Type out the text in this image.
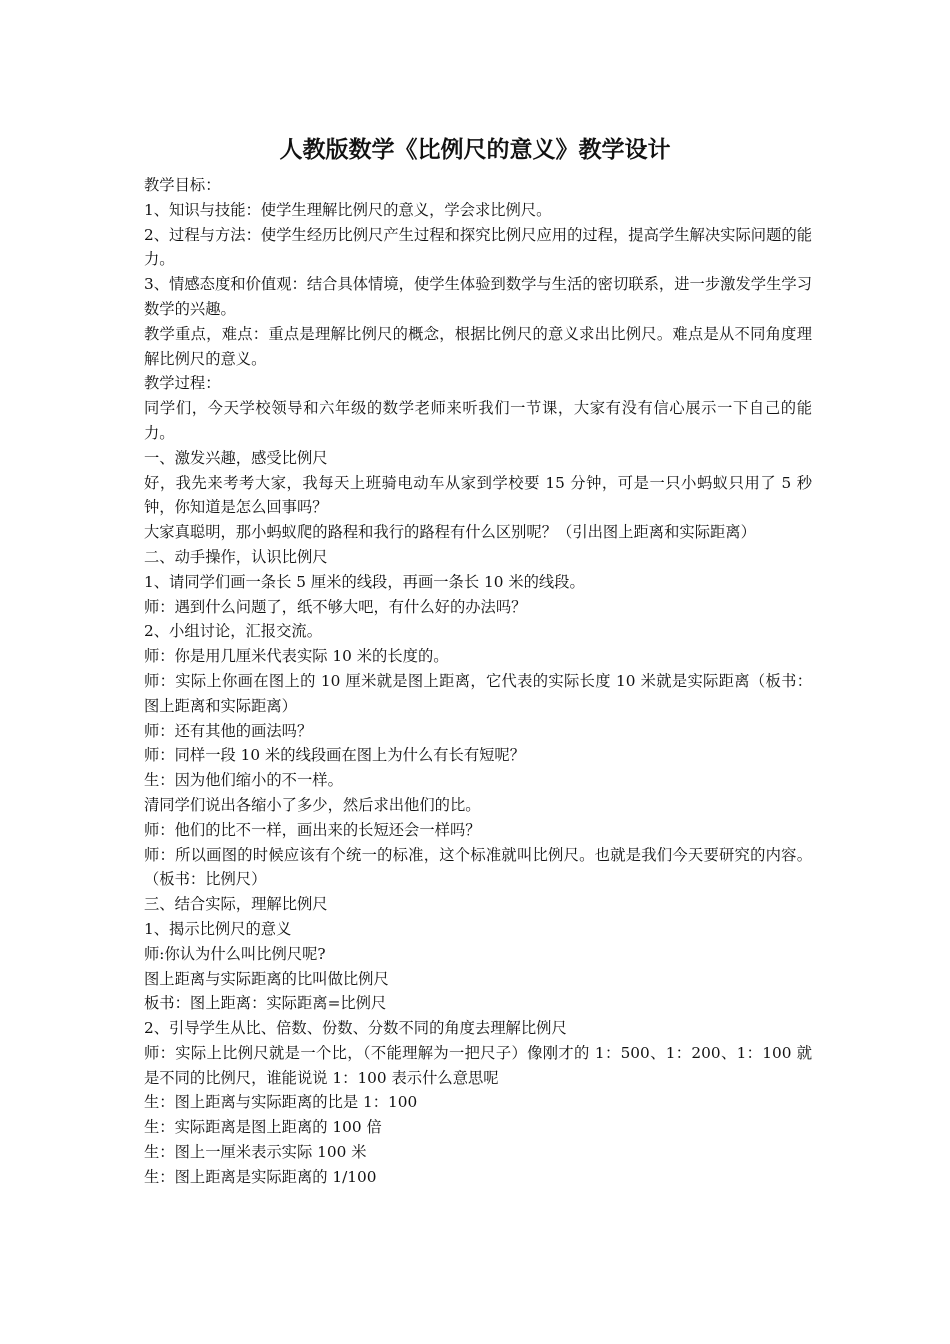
人教版数学《比例尺的意义》教学设计

教学目标：

1、知识与技能：使学生理解比例尺的意义，学会求比例尺。

2、过程与方法：使学生经历比例尺产生过程和探究比例尺应用的过程，提高学生解决实际问题的能力。

3、情感态度和价值观：结合具体情境，使学生体验到数学与生活的密切联系，进一步激发学生学习数学的兴趣。

教学重点，难点：重点是理解比例尺的概念，根据比例尺的意义求出比例尺。难点是从不同角度理解比例尺的意义。

教学过程：

同学们，今天学校领导和六年级的数学老师来听我们一节课，大家有没有信心展示一下自己的能力。

一、激发兴趣，感受比例尺

好，我先来考考大家，我每天上班骑电动车从家到学校要 15 分钟，可是一只小蚂蚁只用了 5 秒钟，你知道是怎么回事吗？

大家真聪明，那小蚂蚁爬的路程和我行的路程有什么区别呢？（引出图上距离和实际距离）

二、动手操作，认识比例尺

1、请同学们画一条长 5 厘米的线段，再画一条长 10 米的线段。

师：遇到什么问题了，纸不够大吧，有什么好的办法吗？

2、小组讨论，汇报交流。

师：你是用几厘米代表实际 10 米的长度的。

师：实际上你画在图上的 10 厘米就是图上距离，它代表的实际长度 10 米就是实际距离（板书：图上距离和实际距离）

师：还有其他的画法吗？

师：同样一段 10 米的线段画在图上为什么有长有短呢？

生：因为他们缩小的不一样。

清同学们说出各缩小了多少，然后求出他们的比。

师：他们的比不一样，画出来的长短还会一样吗？

师：所以画图的时候应该有个统一的标准，这个标准就叫比例尺。也就是我们今天要研究的内容。（板书：比例尺）

三、结合实际，理解比例尺

1、揭示比例尺的意义

师:你认为什么叫比例尺呢?

图上距离与实际距离的比叫做比例尺

板书：图上距离：实际距离=比例尺

2、引导学生从比、倍数、份数、分数不同的角度去理解比例尺

师：实际上比例尺就是一个比，（不能理解为一把尺子）像刚才的 1：500、1：200、1：100 就是不同的比例尺，谁能说说 1：100 表示什么意思呢

生：图上距离与实际距离的比是 1：100

生：实际距离是图上距离的 100 倍

生：图上一厘米表示实际 100 米

生：图上距离是实际距离的 1/100
